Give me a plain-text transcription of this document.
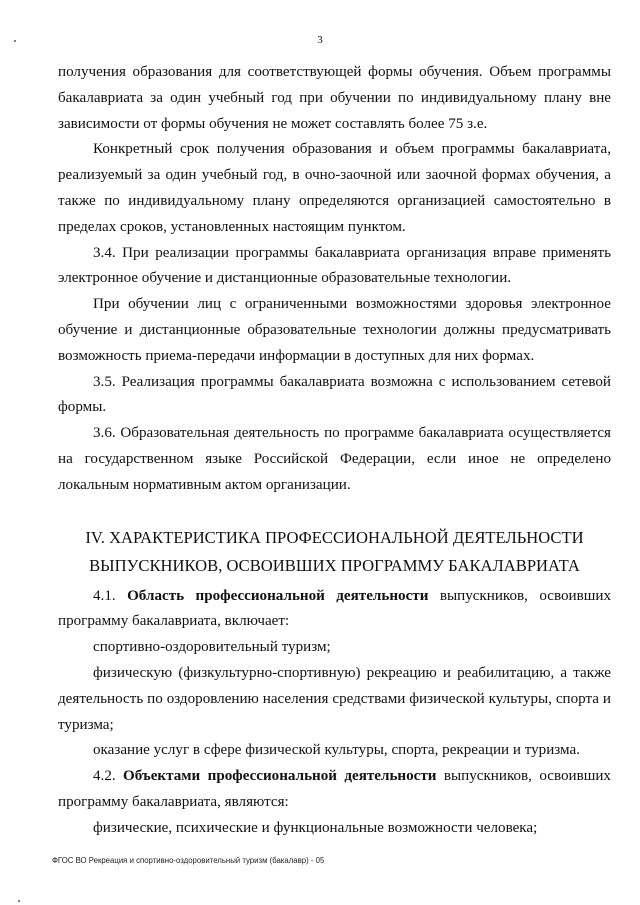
3

получения образования для соответствующей формы обучения. Объем программы бакалавриата за один учебный год при обучении по индивидуальному плану вне зависимости от формы обучения не может составлять более 75 з.е.

Конкретный срок получения образования и объем программы бакалавриата, реализуемый за один учебный год, в очно-заочной или заочной формах обучения, а также по индивидуальному плану определяются организацией самостоятельно в пределах сроков, установленных настоящим пунктом.

3.4. При реализации программы бакалавриата организация вправе применять электронное обучение и дистанционные образовательные технологии.

При обучении лиц с ограниченными возможностями здоровья электронное обучение и дистанционные образовательные технологии должны предусматривать возможность приема-передачи информации в доступных для них формах.

3.5. Реализация программы бакалавриата возможна с использованием сетевой формы.

3.6. Образовательная деятельность по программе бакалавриата осуществляется на государственном языке Российской Федерации, если иное не определено локальным нормативным актом организации.

IV. ХАРАКТЕРИСТИКА ПРОФЕССИОНАЛЬНОЙ ДЕЯТЕЛЬНОСТИ
ВЫПУСКНИКОВ, ОСВОИВШИХ ПРОГРАММУ БАКАЛАВРИАТА

4.1. Область профессиональной деятельности выпускников, освоивших программу бакалавриата, включает:

спортивно-оздоровительный туризм;

физическую (физкультурно-спортивную) рекреацию и реабилитацию, а также деятельность по оздоровлению населения средствами физической культуры, спорта и туризма;

оказание услуг в сфере физической культуры, спорта, рекреации и туризма.

4.2. Объектами профессиональной деятельности выпускников, освоивших программу бакалавриата, являются:

физические, психические и функциональные возможности человека;

ФГОС ВО Рекреация и спортивно-оздоровительный туризм (бакалавр) - 05
